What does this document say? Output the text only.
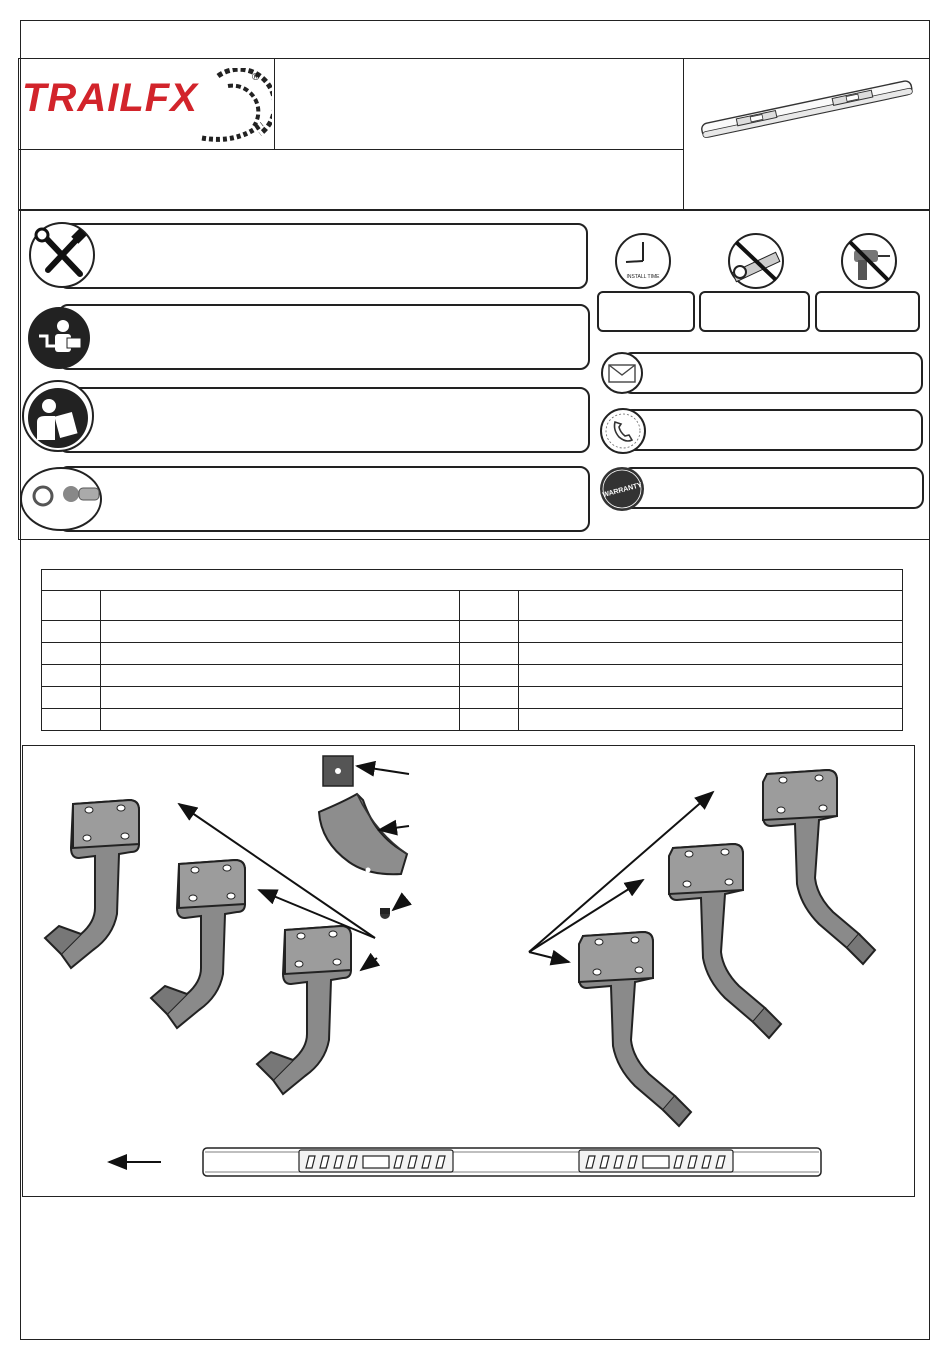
TRAILFX	®
INSTALL TIME
WARRANTY
